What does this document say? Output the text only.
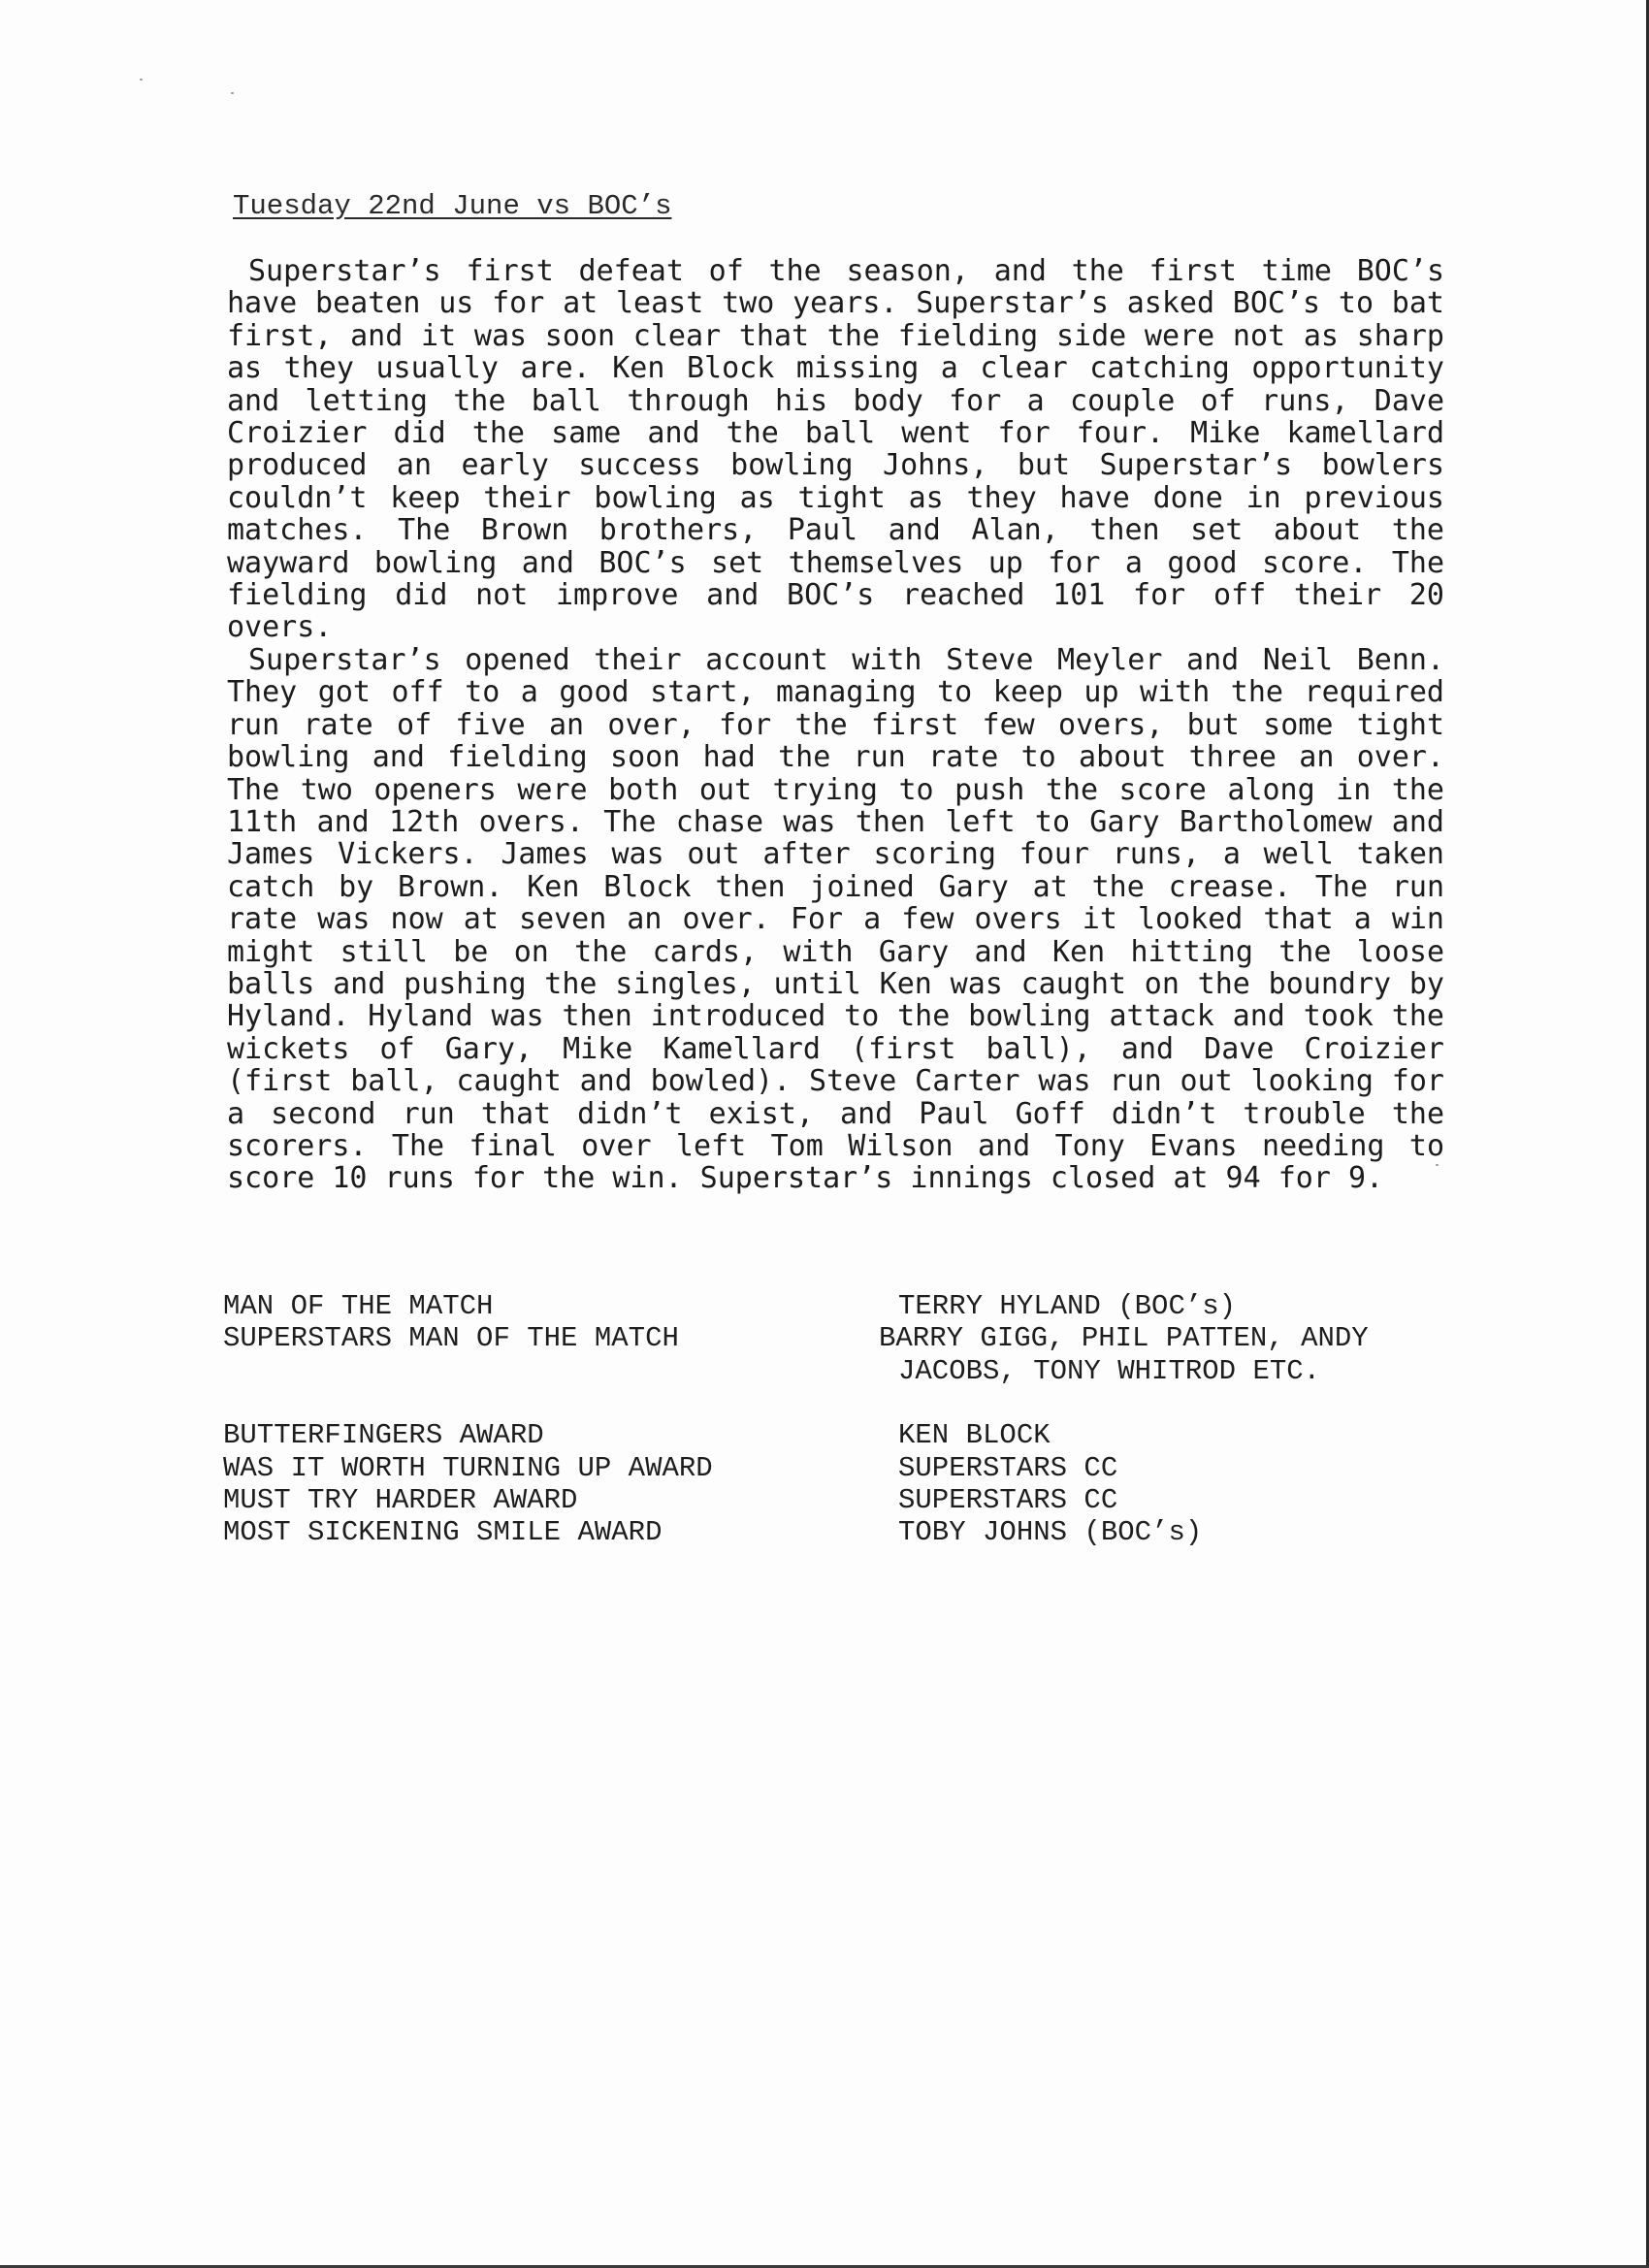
Tuesday 22nd June vs BOC’s

Superstar’s first defeat of the season, and the first time BOC’s have beaten us for at least two years. Superstar’s asked BOC’s to bat first, and it was soon clear that the fielding side were not as sharp as they usually are. Ken Block missing a clear catching opportunity and letting the ball through his body for a couple of runs, Dave Croizier did the same and the ball went for four. Mike kamellard produced an early success bowling Johns, but Superstar’s bowlers couldn’t keep their bowling as tight as they have done in previous matches. The Brown brothers, Paul and Alan, then set about the wayward bowling and BOC’s set themselves up for a good score. The fielding did not improve and BOC’s reached 101 for off their 20 overs.

Superstar’s opened their account with Steve Meyler and Neil Benn. They got off to a good start, managing to keep up with the required run rate of five an over, for the first few overs, but some tight bowling and fielding soon had the run rate to about three an over. The two openers were both out trying to push the score along in the 11th and 12th overs. The chase was then left to Gary Bartholomew and James Vickers. James was out after scoring four runs, a well taken catch by Brown. Ken Block then joined Gary at the crease. The run rate was now at seven an over. For a few overs it looked that a win might still be on the cards, with Gary and Ken hitting the loose balls and pushing the singles, until Ken was caught on the boundry by Hyland. Hyland was then introduced to the bowling attack and took the wickets of Gary, Mike Kamellard (first ball), and Dave Croizier (first ball, caught and bowled). Steve Carter was run out looking for a second run that didn’t exist, and Paul Goff didn’t trouble the scorers. The final over left Tom Wilson and Tony Evans needing to score 10 runs for the win. Superstar’s innings closed at 94 for 9.

MAN OF THE MATCH	TERRY HYLAND (BOC’s)
SUPERSTARS MAN OF THE MATCH	BARRY GIGG, PHIL PATTEN, ANDY JACOBS, TONY WHITROD ETC.
BUTTERFINGERS AWARD	KEN BLOCK
WAS IT WORTH TURNING UP AWARD	SUPERSTARS CC
MUST TRY HARDER AWARD	SUPERSTARS CC
MOST SICKENING SMILE AWARD	TOBY JOHNS (BOC’s)
